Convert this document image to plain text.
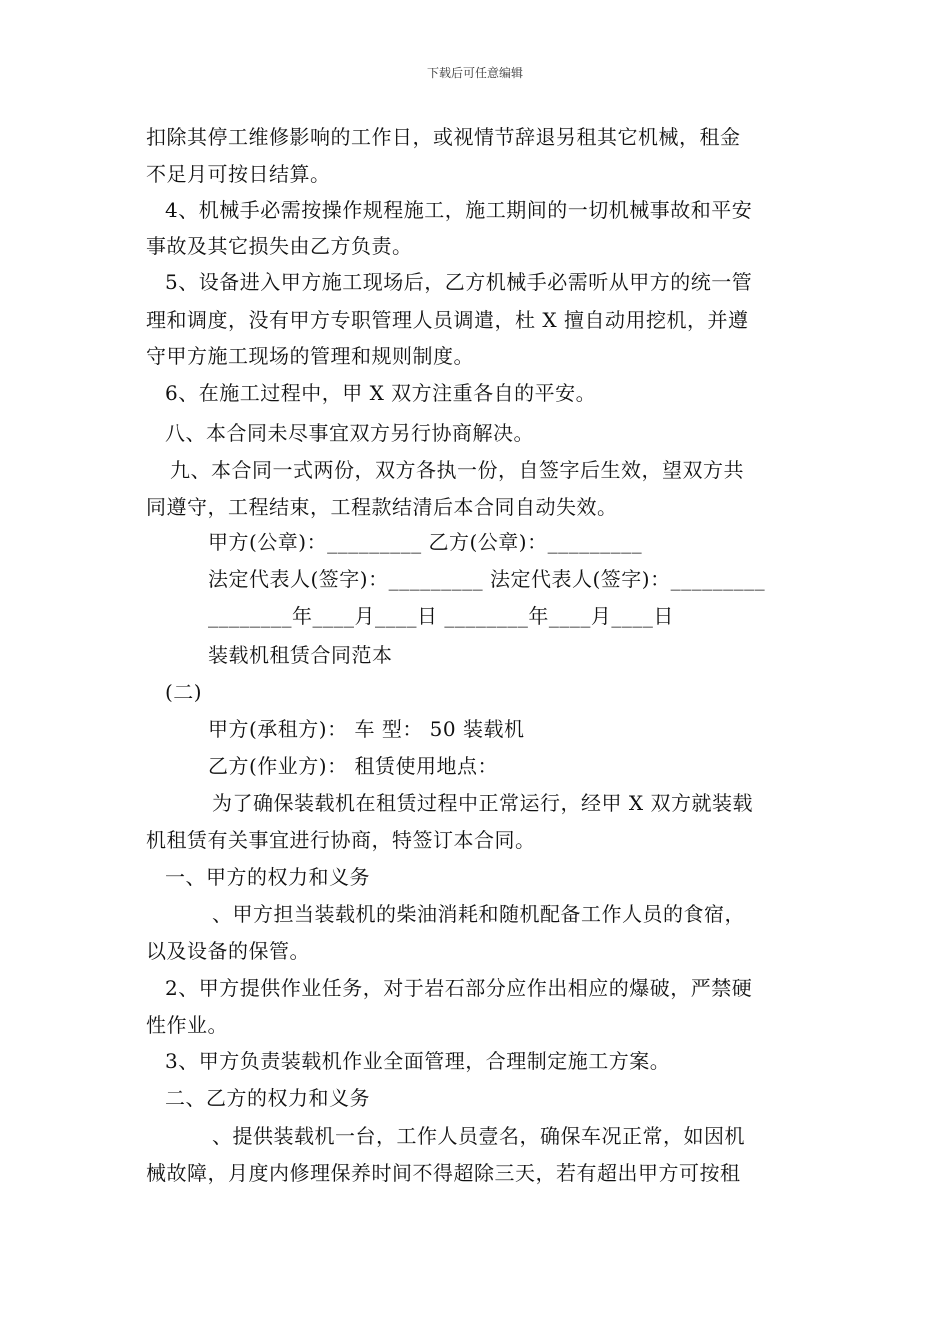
下载后可任意编辑
扣除其停工维修影响的工作日，或视情节辞退另租其它机械，租金
不足月可按日结算。
4、机械手必需按操作规程施工，施工期间的一切机械事故和平安
事故及其它损失由乙方负责。
5、设备进入甲方施工现场后，乙方机械手必需听从甲方的统一管
理和调度，没有甲方专职管理人员调遣，杜 X 擅自动用挖机，并遵
守甲方施工现场的管理和规则制度。
6、在施工过程中，甲 X 双方注重各自的平安。
八、本合同未尽事宜双方另行协商解决。
九、本合同一式两份，双方各执一份，自签字后生效，望双方共
同遵守，工程结束，工程款结清后本合同自动失效。
甲方(公章)：_________ 乙方(公章)：_________
法定代表人(签字)：_________ 法定代表人(签字)：_________
________年____月____日 ________年____月____日
装载机租赁合同范本
(二)
甲方(承租方)： 车 型： 50 装载机
乙方(作业方)： 租赁使用地点：
为了确保装载机在租赁过程中正常运行，经甲 X 双方就装载
机租赁有关事宜进行协商，特签订本合同。
一、甲方的权力和义务
、甲方担当装载机的柴油消耗和随机配备工作人员的食宿，
以及设备的保管。
2、甲方提供作业任务，对于岩石部分应作出相应的爆破，严禁硬
性作业。
3、甲方负责装载机作业全面管理，合理制定施工方案。
二、乙方的权力和义务
、提供装载机一台，工作人员壹名，确保车况正常，如因机
械故障，月度内修理保养时间不得超除三天，若有超出甲方可按租
